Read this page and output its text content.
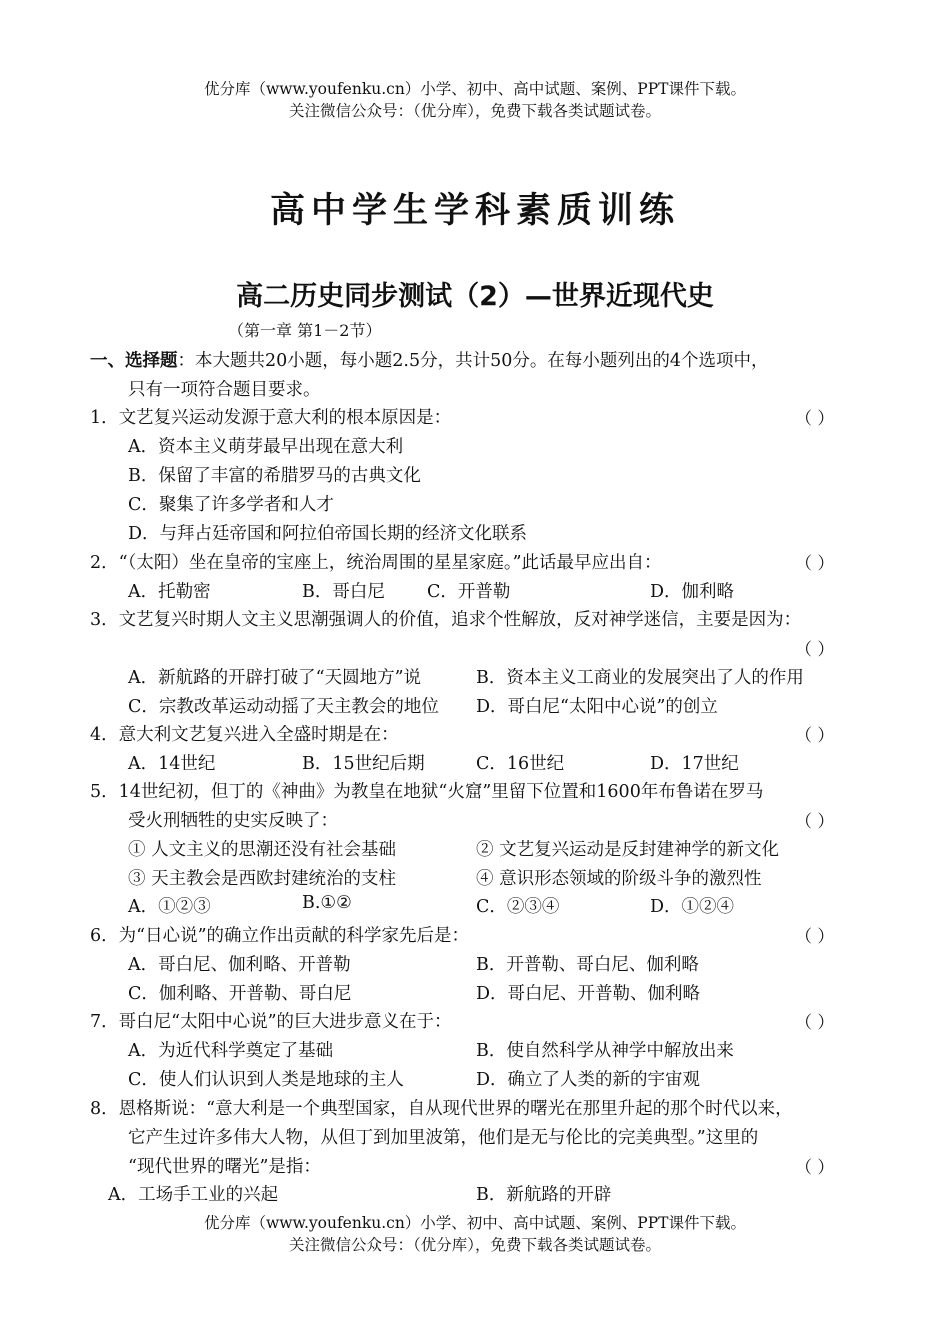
优分库（www.youfenku.cn）小学、初中、高中试题、案例、PPT课件下载。
关注微信公众号：（优分库），免费下载各类试题试卷。
高中学生学科素质训练
高二历史同步测试（2）—世界近现代史
（第一章 第1－2节）
一、选择题：本大题共20小题，每小题2.5分，共计50分。在每小题列出的4个选项中，
只有一项符合题目要求。
1．文艺复兴运动发源于意大利的根本原因是：	（ ）
A．资本主义萌芽最早出现在意大利
B．保留了丰富的希腊罗马的古典文化
C．聚集了许多学者和人才
D．与拜占廷帝国和阿拉伯帝国长期的经济文化联系
2．“（太阳）坐在皇帝的宝座上，统治周围的星星家庭。”此话最早应出自：	（ ）
A．托勒密	B．哥白尼 C．开普勒	D．伽利略
3．文艺复兴时期人文主义思潮强调人的价值，追求个性解放，反对神学迷信，主要是因为：
（ ）
A．新航路的开辟打破了“天圆地方”说	B．资本主义工商业的发展突出了人的作用
C．宗教改革运动动摇了天主教会的地位 D．哥白尼“太阳中心说”的创立
4．意大利文艺复兴进入全盛时期是在：	（ ）
A．14世纪	B．15世纪后期	C．16世纪	D．17世纪
5．14世纪初，但丁的《神曲》为教皇在地狱“火窟”里留下位置和1600年布鲁诺在罗马
受火刑牺牲的史实反映了：	（ ）
① 人文主义的思潮还没有社会基础	② 文艺复兴运动是反封建神学的新文化
③ 天主教会是西欧封建统治的支柱	④ 意识形态领域的阶级斗争的激烈性
A．①②③	B.①②	C．②③④	D．①②④
6．为“日心说”的确立作出贡献的科学家先后是：	（ ）
A．哥白尼、伽利略、开普勒	B．开普勒、哥白尼、伽利略
C．伽利略、开普勒、哥白尼	D．哥白尼、开普勒、伽利略
7．哥白尼“太阳中心说”的巨大进步意义在于：	（ ）
A．为近代科学奠定了基础	B．使自然科学从神学中解放出来
C．使人们认识到人类是地球的主人	D．确立了人类的新的宇宙观
8．恩格斯说：“意大利是一个典型国家，自从现代世界的曙光在那里升起的那个时代以来，
它产生过许多伟大人物，从但丁到加里波第，他们是无与伦比的完美典型。”这里的
“现代世界的曙光”是指：	（ ）
A．工场手工业的兴起	B．新航路的开辟
优分库（www.youfenku.cn）小学、初中、高中试题、案例、PPT课件下载。
关注微信公众号：（优分库），免费下载各类试题试卷。
